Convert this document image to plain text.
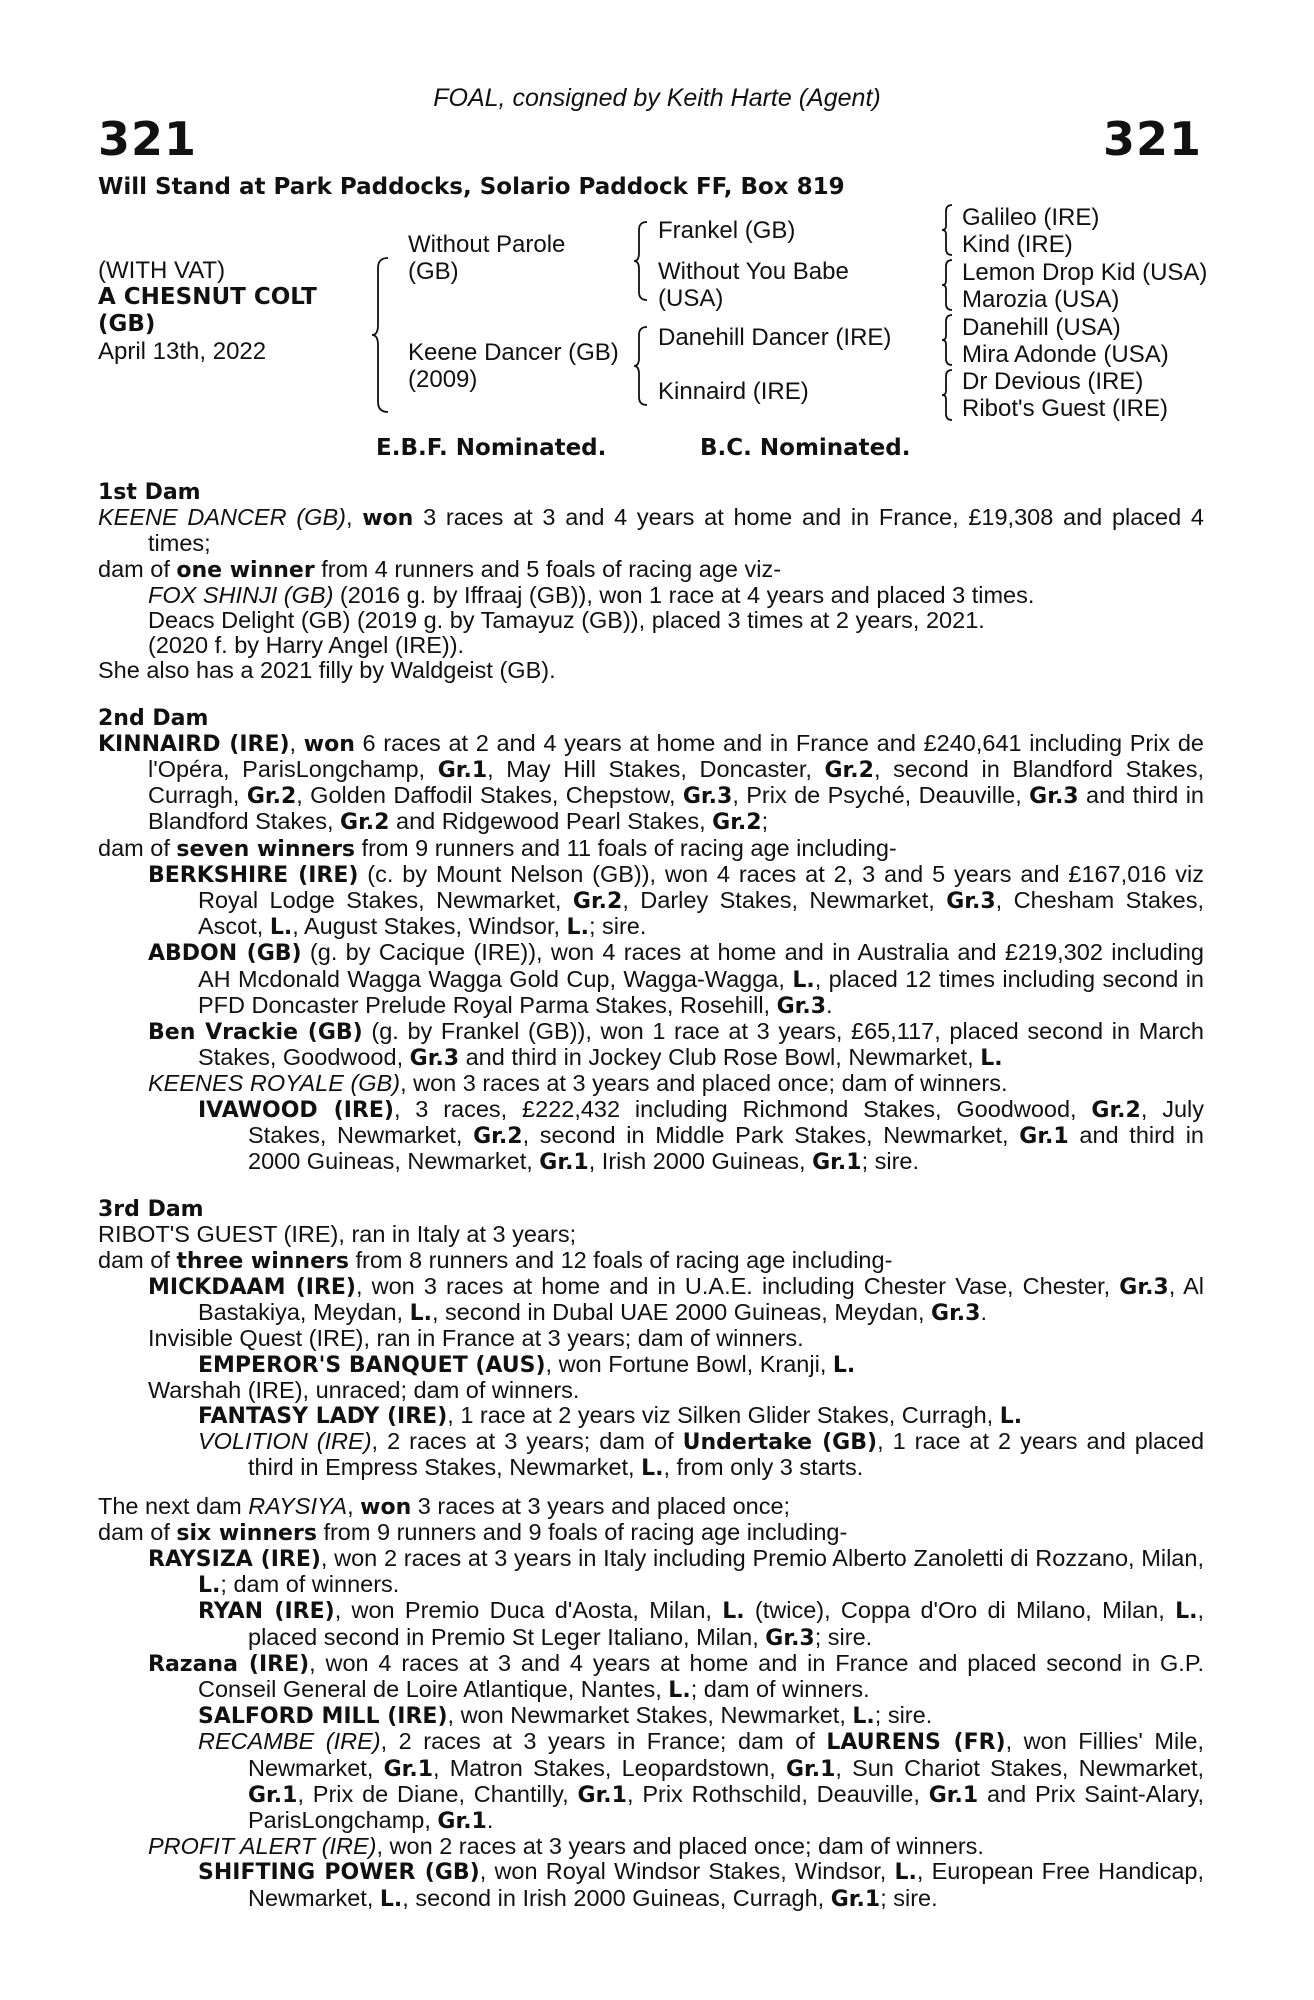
FOAL, consigned by Keith Harte (Agent)
321	321
Will Stand at Park Paddocks, Solario Paddock FF, Box 819
(WITH VAT)
A CHESNUT COLT
(GB)
April 13th, 2022
Without Parole
(GB)
Keene Dancer (GB)
(2009)
Frankel (GB)
Without You Babe
(USA)
Danehill Dancer (IRE)
Kinnaird (IRE)
Galileo (IRE)
Kind (IRE)
Lemon Drop Kid (USA)
Marozia (USA)
Danehill (USA)
Mira Adonde (USA)
Dr Devious (IRE)
Ribot's Guest (IRE)
E.B.F. Nominated.	B.C. Nominated.

1st Dam

KEENE DANCER (GB), won 3 races at 3 and 4 years at home and in France, £19,308 and placed 4 times;

dam of one winner from 4 runners and 5 foals of racing age viz-

FOX SHINJI (GB) (2016 g. by Iffraaj (GB)), won 1 race at 4 years and placed 3 times.

Deacs Delight (GB) (2019 g. by Tamayuz (GB)), placed 3 times at 2 years, 2021.

(2020 f. by Harry Angel (IRE)).

She also has a 2021 filly by Waldgeist (GB).

2nd Dam

KINNAIRD (IRE), won 6 races at 2 and 4 years at home and in France and £240,641 including Prix de l'Opéra, ParisLongchamp, Gr.1, May Hill Stakes, Doncaster, Gr.2, second in Blandford Stakes, Curragh, Gr.2, Golden Daffodil Stakes, Chepstow, Gr.3, Prix de Psyché, Deauville, Gr.3 and third in Blandford Stakes, Gr.2 and Ridgewood Pearl Stakes, Gr.2;

dam of seven winners from 9 runners and 11 foals of racing age including-

BERKSHIRE (IRE) (c. by Mount Nelson (GB)), won 4 races at 2, 3 and 5 years and £167,016 viz Royal Lodge Stakes, Newmarket, Gr.2, Darley Stakes, Newmarket, Gr.3, Chesham Stakes, Ascot, L., August Stakes, Windsor, L.; sire.

ABDON (GB) (g. by Cacique (IRE)), won 4 races at home and in Australia and £219,302 including AH Mcdonald Wagga Wagga Gold Cup, Wagga-Wagga, L., placed 12 times including second in PFD Doncaster Prelude Royal Parma Stakes, Rosehill, Gr.3.

Ben Vrackie (GB) (g. by Frankel (GB)), won 1 race at 3 years, £65,117, placed second in March Stakes, Goodwood, Gr.3 and third in Jockey Club Rose Bowl, Newmarket, L.

KEENES ROYALE (GB), won 3 races at 3 years and placed once; dam of winners.

IVAWOOD (IRE), 3 races, £222,432 including Richmond Stakes, Goodwood, Gr.2, July Stakes, Newmarket, Gr.2, second in Middle Park Stakes, Newmarket, Gr.1 and third in 2000 Guineas, Newmarket, Gr.1, Irish 2000 Guineas, Gr.1; sire.

3rd Dam

RIBOT'S GUEST (IRE), ran in Italy at 3 years;

dam of three winners from 8 runners and 12 foals of racing age including-

MICKDAAM (IRE), won 3 races at home and in U.A.E. including Chester Vase, Chester, Gr.3, Al Bastakiya, Meydan, L., second in Dubal UAE 2000 Guineas, Meydan, Gr.3.

Invisible Quest (IRE), ran in France at 3 years; dam of winners.

EMPEROR'S BANQUET (AUS), won Fortune Bowl, Kranji, L.

Warshah (IRE), unraced; dam of winners.

FANTASY LADY (IRE), 1 race at 2 years viz Silken Glider Stakes, Curragh, L.

VOLITION (IRE), 2 races at 3 years; dam of Undertake (GB), 1 race at 2 years and placed third in Empress Stakes, Newmarket, L., from only 3 starts.

The next dam RAYSIYA, won 3 races at 3 years and placed once;

dam of six winners from 9 runners and 9 foals of racing age including-

RAYSIZA (IRE), won 2 races at 3 years in Italy including Premio Alberto Zanoletti di Rozzano, Milan, L.; dam of winners.

RYAN (IRE), won Premio Duca d'Aosta, Milan, L. (twice), Coppa d'Oro di Milano, Milan, L., placed second in Premio St Leger Italiano, Milan, Gr.3; sire.

Razana (IRE), won 4 races at 3 and 4 years at home and in France and placed second in G.P. Conseil General de Loire Atlantique, Nantes, L.; dam of winners.

SALFORD MILL (IRE), won Newmarket Stakes, Newmarket, L.; sire.

RECAMBE (IRE), 2 races at 3 years in France; dam of LAURENS (FR), won Fillies' Mile, Newmarket, Gr.1, Matron Stakes, Leopardstown, Gr.1, Sun Chariot Stakes, Newmarket, Gr.1, Prix de Diane, Chantilly, Gr.1, Prix Rothschild, Deauville, Gr.1 and Prix Saint-Alary, ParisLongchamp, Gr.1.

PROFIT ALERT (IRE), won 2 races at 3 years and placed once; dam of winners.

SHIFTING POWER (GB), won Royal Windsor Stakes, Windsor, L., European Free Handicap, Newmarket, L., second in Irish 2000 Guineas, Curragh, Gr.1; sire.
